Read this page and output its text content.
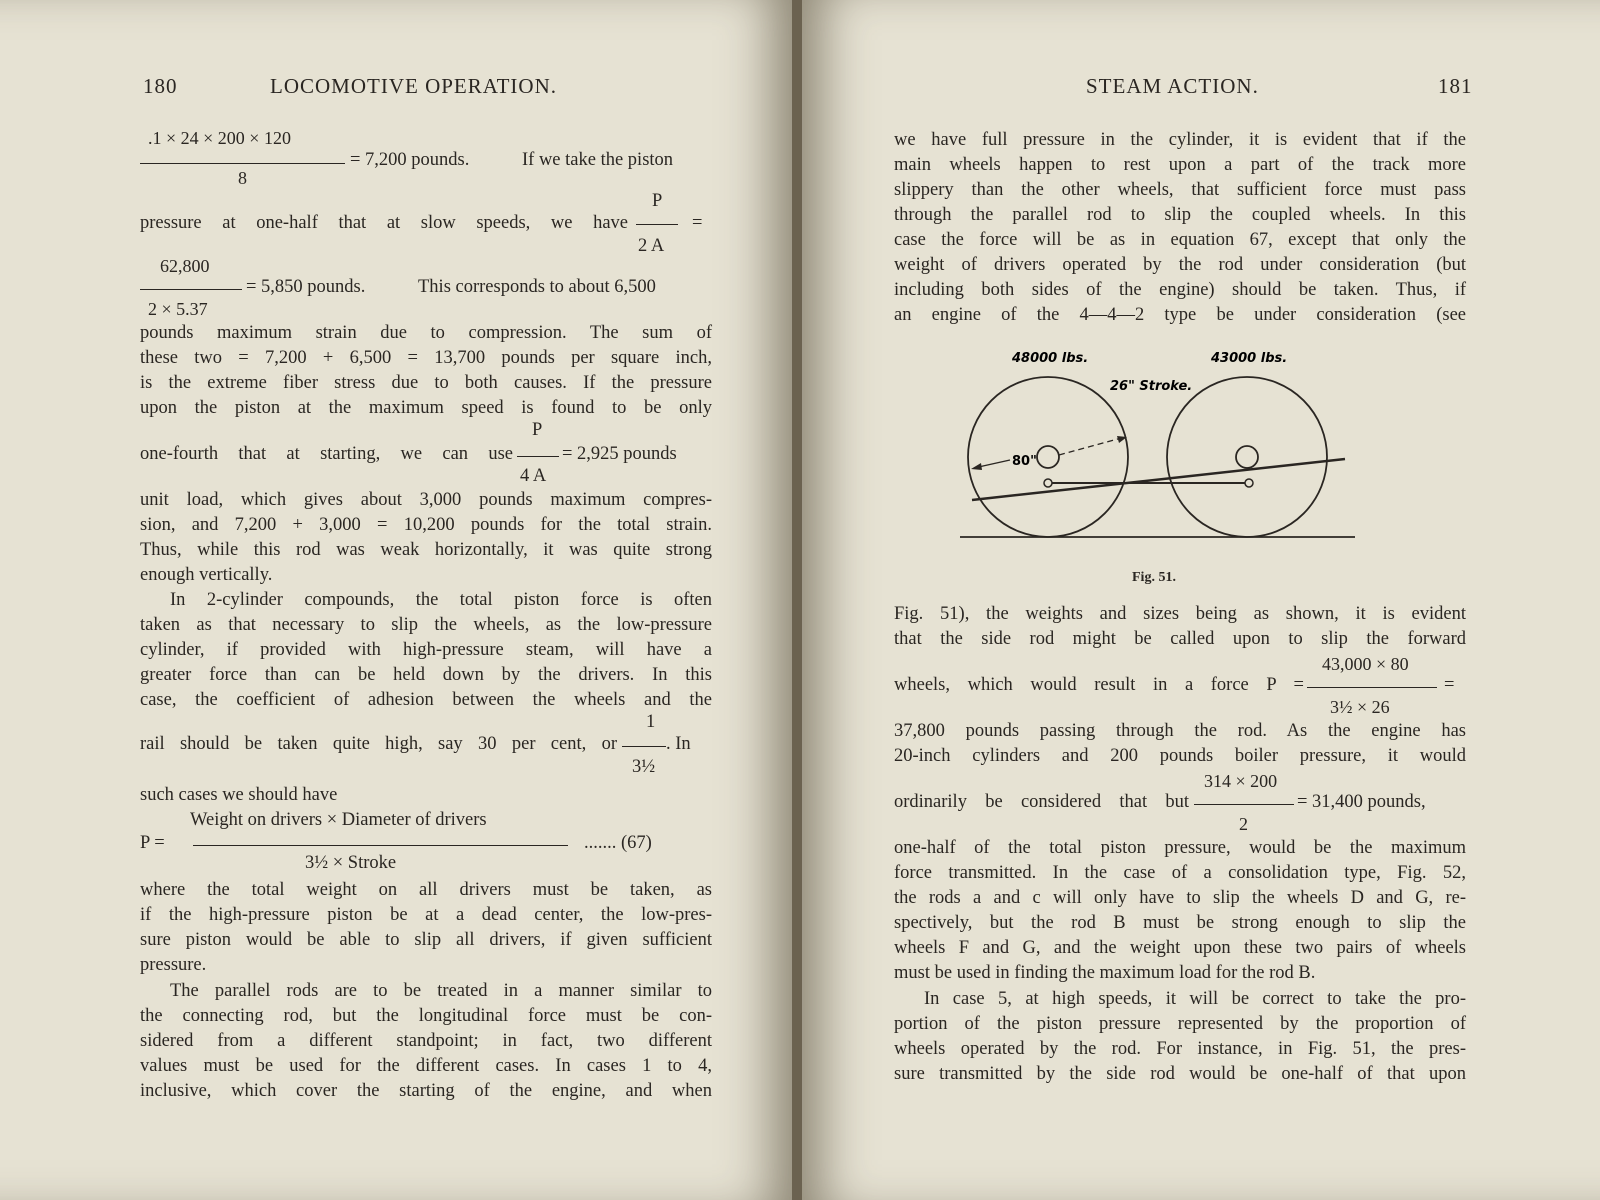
180	LOCOMOTIVE OPERATION.
.1 × 24 × 200 × 120
8
= 7,200 pounds.	If we take the piston
P
pressure at one-half that at slow speeds, we have	=
2 A
62,800
2 × 5.37
= 5,850 pounds.	This corresponds to about 6,500
pounds maximum strain due to compression. The sum of
these two = 7,200 + 6,500 = 13,700 pounds per square inch,
is the extreme fiber stress due to both causes. If the pressure
upon the piston at the maximum speed is found to be only
P
one-fourth that at starting, we can use	= 2,925 pounds
4 A
unit load, which gives about 3,000 pounds maximum compres-
sion, and 7,200 + 3,000 = 10,200 pounds for the total strain.
Thus, while this rod was weak horizontally, it was quite strong
enough vertically.
In 2-cylinder compounds, the total piston force is often
taken as that necessary to slip the wheels, as the low-pressure
cylinder, if provided with high-pressure steam, will have a
greater force than can be held down by the drivers. In this
case, the coefficient of adhesion between the wheels and the
1
rail should be taken quite high, say 30 per cent, or	. In
3½
such cases we should have
Weight on drivers × Diameter of drivers
P =	....... (67)
3½ × Stroke
where the total weight on all drivers must be taken, as
if the high-pressure piston be at a dead center, the low-pres-
sure piston would be able to slip all drivers, if given sufficient
pressure.
The parallel rods are to be treated in a manner similar to
the connecting rod, but the longitudinal force must be con-
sidered from a different standpoint; in fact, two different
values must be used for the different cases. In cases 1 to 4,
inclusive, which cover the starting of the engine, and when
STEAM ACTION.	181
we have full pressure in the cylinder, it is evident that if the
main wheels happen to rest upon a part of the track more
slippery than the other wheels, that sufficient force must pass
through the parallel rod to slip the coupled wheels. In this
case the force will be as in equation 67, except that only the
weight of drivers operated by the rod under consideration (but
including both sides of the engine) should be taken. Thus, if
an engine of the 4—4—2 type be under consideration (see
48000 lbs.	43000 lbs.
26" Stroke.
80"
Fig. 51.
Fig. 51), the weights and sizes being as shown, it is evident
that the side rod might be called upon to slip the forward
43,000 × 80
wheels, which would result in a force P =	=
3½ × 26
37,800 pounds passing through the rod. As the engine has
20-inch cylinders and 200 pounds boiler pressure, it would
314 × 200
ordinarily be considered that but	= 31,400 pounds,
2
one-half of the total piston pressure, would be the maximum
force transmitted. In the case of a consolidation type, Fig. 52,
the rods a and c will only have to slip the wheels D and G, re-
spectively, but the rod B must be strong enough to slip the
wheels F and G, and the weight upon these two pairs of wheels
must be used in finding the maximum load for the rod B.
In case 5, at high speeds, it will be correct to take the pro-
portion of the piston pressure represented by the proportion of
wheels operated by the rod. For instance, in Fig. 51, the pres-
sure transmitted by the side rod would be one-half of that upon
